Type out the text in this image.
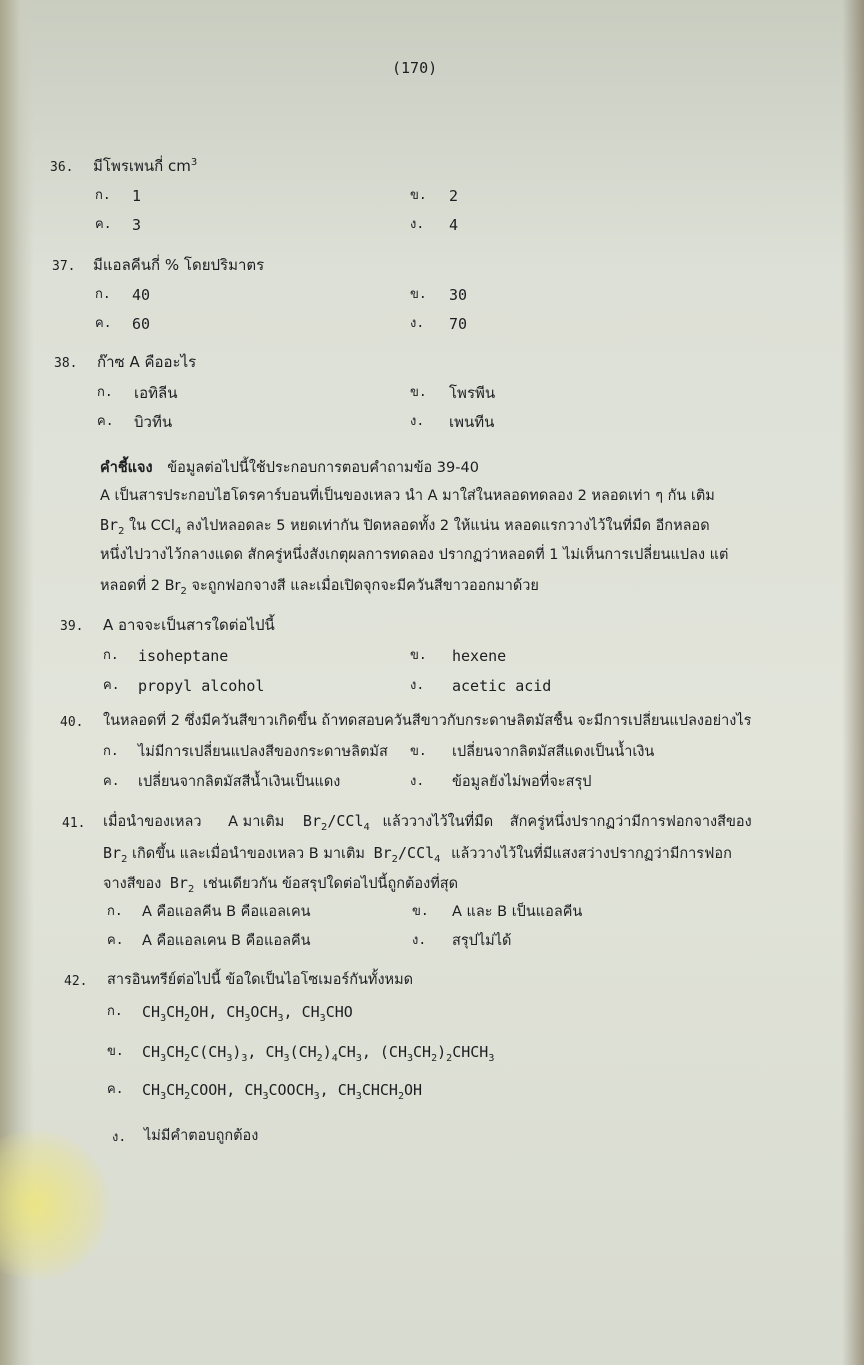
(170)
36. มีโพรเพนกี่ $cm^3$
ก. 1	ข. 2
ค. 3	ง. 4
37. มีแอลคีนกี่ % โดยปริมาตร
ก. 40	ข. 30
ค. 60	ง. 70
38. ก๊าซ A คืออะไร
ก. เอทิลีน	ข. โพรพีน
ค. บิวทีน	ง. เพนทีน
คำชี้แจง ข้อมูลต่อไปนี้ใช้ประกอบการตอบคำถามข้อ 39-40
A เป็นสารประกอบไฮโดรคาร์บอนที่เป็นของเหลว นำ A มาใส่ในหลอดทดลอง 2 หลอดเท่า ๆ กัน เติม
$Br_2$ ใน CCl$_4$ ลงไปหลอดละ 5 หยดเท่ากัน ปิดหลอดทั้ง 2 ให้แน่น หลอดแรกวางไว้ในที่มืด อีกหลอด
หนึ่งไปวางไว้กลางแดด สักครู่หนึ่งสังเกตุผลการทดลอง ปรากฏว่าหลอดที่ 1 ไม่เห็นการเปลี่ยนแปลง แต่
หลอดที่ 2 $Br_2$ จะถูกฟอกจางสี และเมื่อเปิดจุกจะมีควันสีขาวออกมาด้วย
39. A อาจจะเป็นสารใดต่อไปนี้
ก. isoheptane	ข. hexene
ค. propyl alcohol	ง. acetic acid
40. ในหลอดที่ 2 ซึ่งมีควันสีขาวเกิดขึ้น ถ้าทดสอบควันสีขาวกับกระดาษลิตมัสชื้น จะมีการเปลี่ยนแปลงอย่างไร
ก. ไม่มีการเปลี่ยนแปลงสีของกระดาษลิตมัส ข. เปลี่ยนจากลิตมัสสีแดงเป็นน้ำเงิน
ค. เปลี่ยนจากลิตมัสสีน้ำเงินเป็นแดง	ง. ข้อมูลยังไม่พอที่จะสรุป
41. เมื่อนำของเหลว A มาเติม $Br_2/CCl_4$ แล้ววางไว้ในที่มืด สักครู่หนึ่งปรากฏว่ามีการฟอกจางสีของ
$Br_2$ เกิดขึ้น และเมื่อนำของเหลว B มาเติม $Br_2/CCl_4$ แล้ววางไว้ในที่มีแสงสว่างปรากฏว่ามีการฟอก
จางสีของ $Br_2$ เช่นเดียวกัน ข้อสรุปใดต่อไปนี้ถูกต้องที่สุด
ก. A คือแอลคีน B คือแอลเคน	ข. A และ B เป็นแอลคีน
ค. A คือแอลเคน B คือแอลคีน	ง. สรุปไม่ได้
42. สารอินทรีย์ต่อไปนี้ ข้อใดเป็นไอโซเมอร์กันทั้งหมด
ก. $CH_3CH_2OH$, $CH_3OCH_3$, $CH_3CHO$
ข. $CH_3CH_2C(CH_3)_3$, $CH_3(CH_2)_4CH_3$, $(CH_3CH_2)_2CHCH_3$
ค. $CH_3CH_2COOH$, $CH_3COOCH_3$, $CH_3CHCH_2OH$
ง. ไม่มีคำตอบถูกต้อง
